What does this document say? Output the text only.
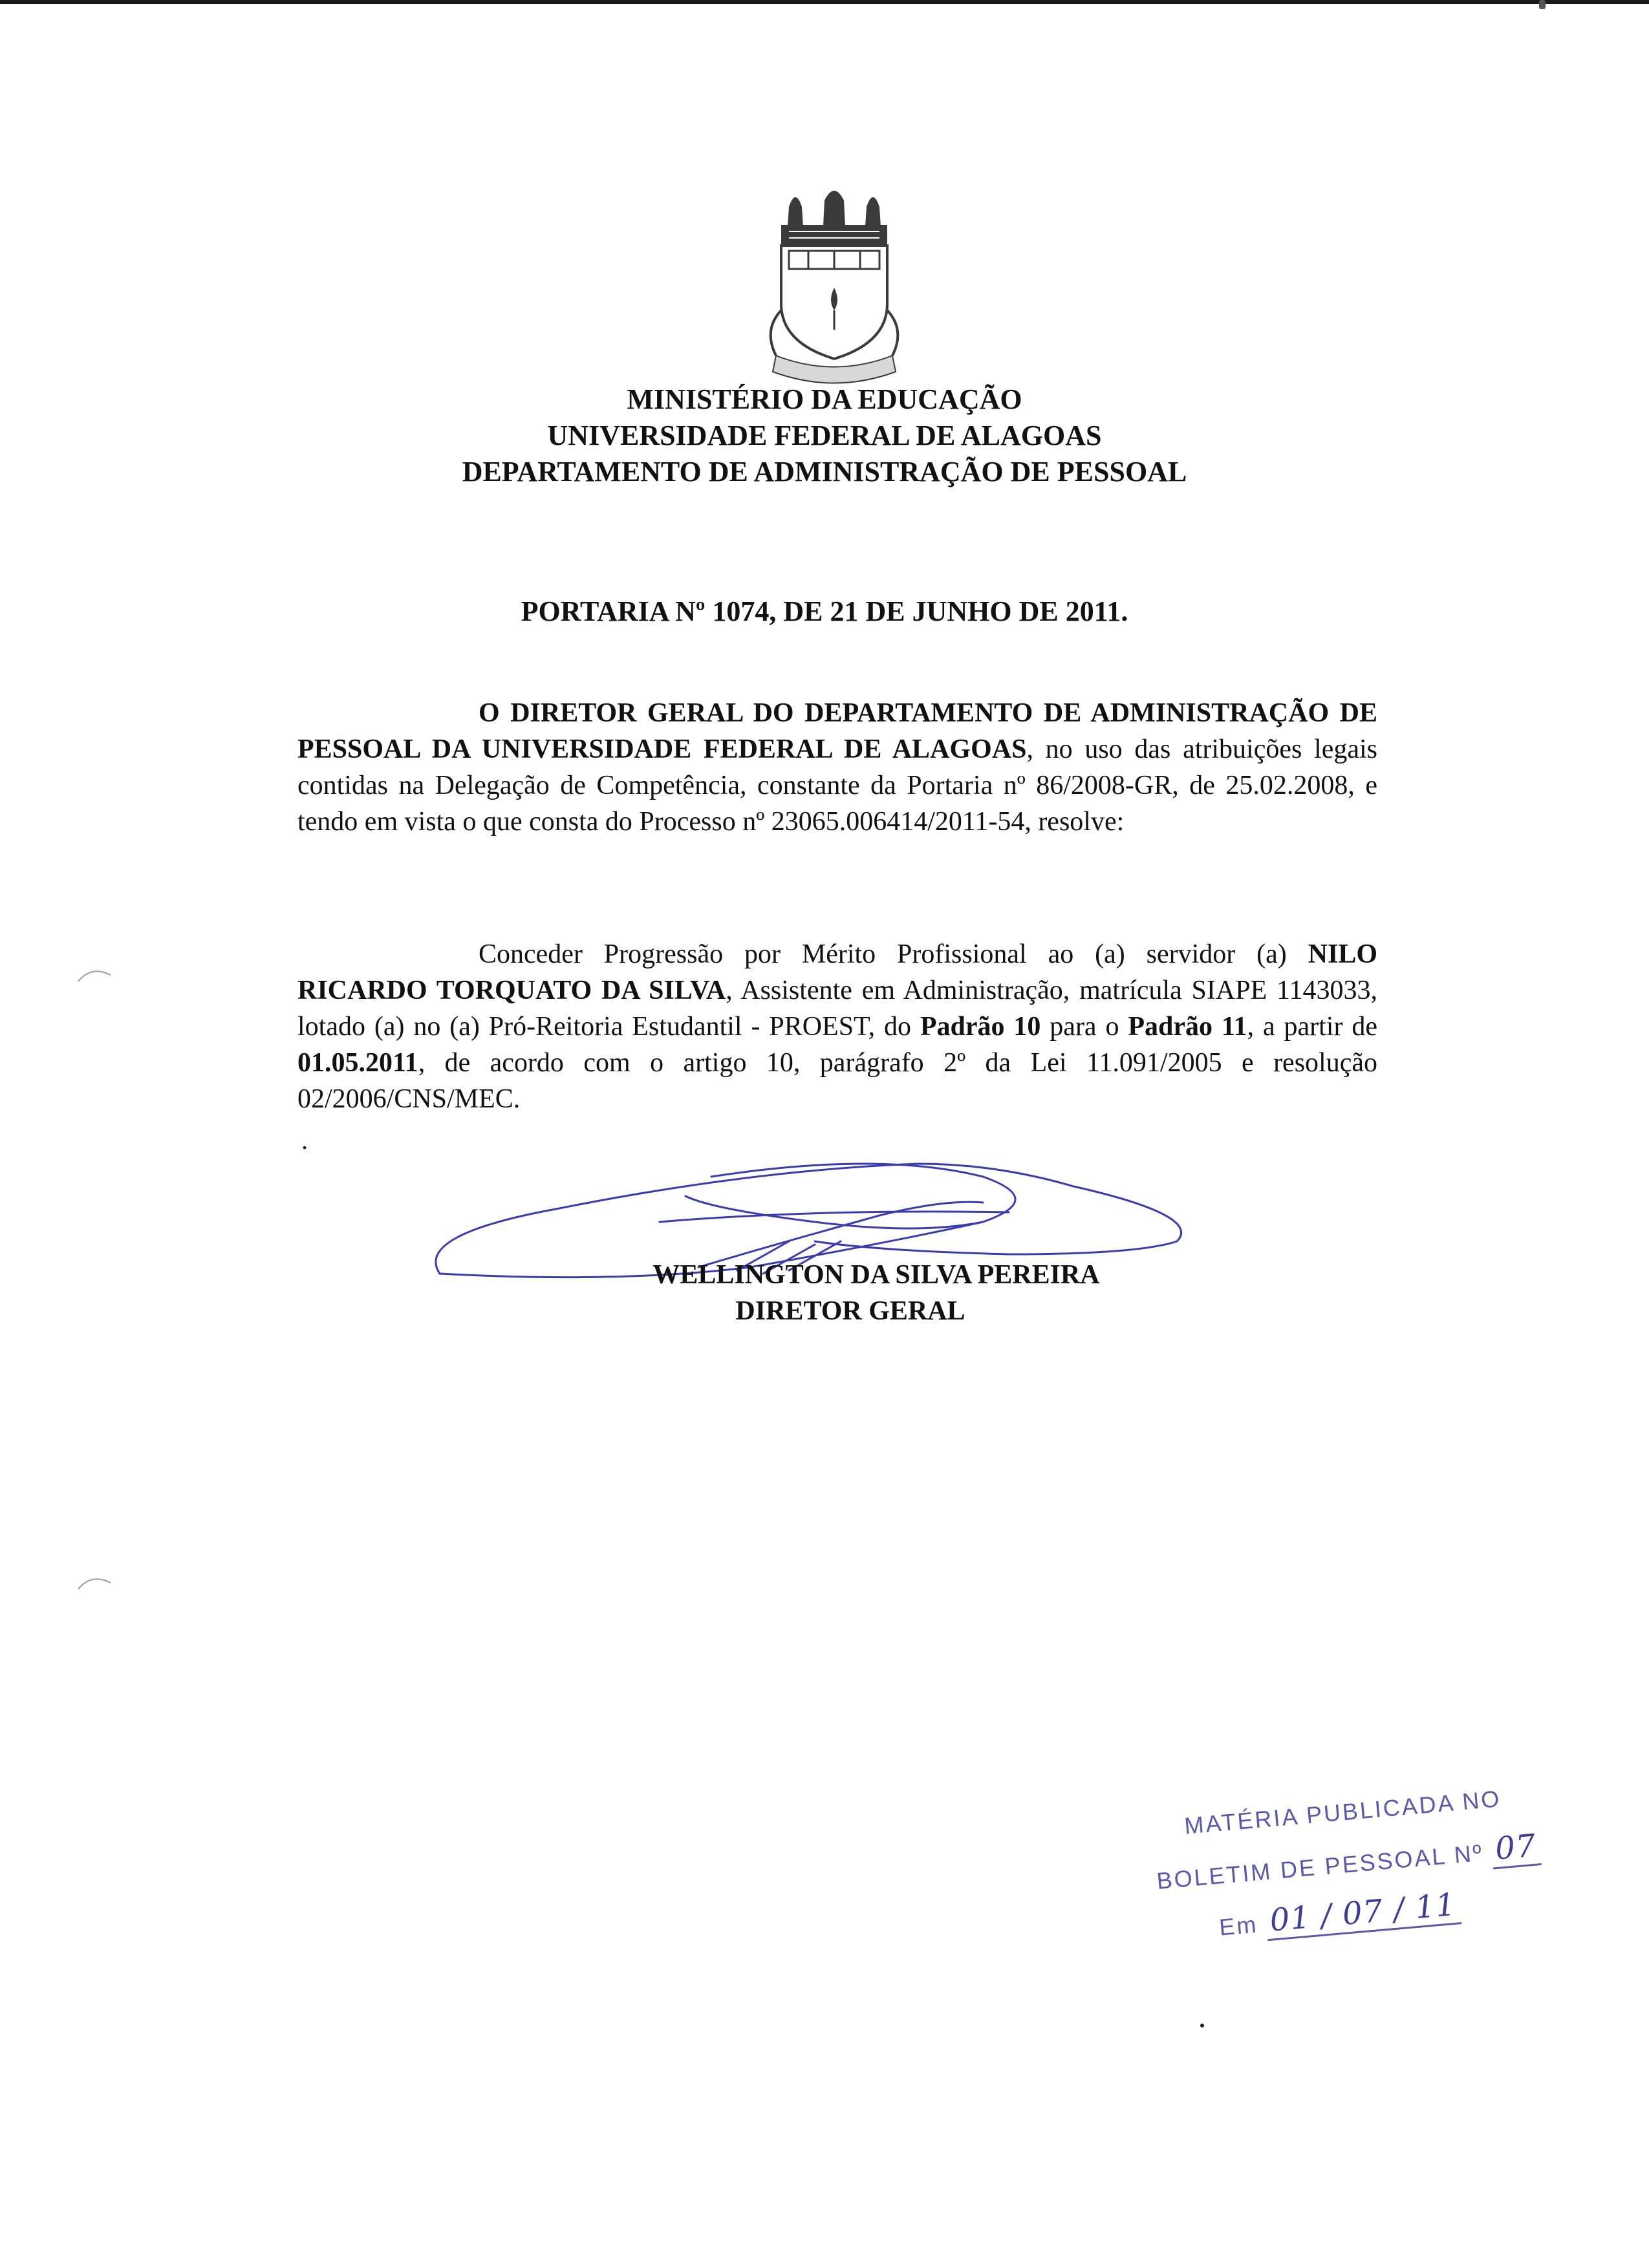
MINISTÉRIO DA EDUCAÇÃO
UNIVERSIDADE FEDERAL DE ALAGOAS
DEPARTAMENTO DE ADMINISTRAÇÃO DE PESSOAL
PORTARIA Nº 1074, DE 21 DE JUNHO DE 2011.
O DIRETOR GERAL DO DEPARTAMENTO DE ADMINISTRAÇÃO DE PESSOAL DA UNIVERSIDADE FEDERAL DE ALAGOAS, no uso das atribuições legais contidas na Delegação de Competência, constante da Portaria nº 86/2008-GR, de 25.02.2008, e tendo em vista o que consta do Processo nº 23065.006414/2011-54, resolve:
Conceder Progressão por Mérito Profissional ao (a) servidor (a) NILO RICARDO TORQUATO DA SILVA, Assistente em Administração, matrícula SIAPE 1143033, lotado (a) no (a) Pró-Reitoria Estudantil - PROEST, do Padrão 10 para o Padrão 11, a partir de 01.05.2011, de acordo com o artigo 10, parágrafo 2º da Lei 11.091/2005 e resolução 02/2006/CNS/MEC.
.
WELLINGTON DA SILVA PEREIRA
DIRETOR GERAL
MATÉRIA PUBLICADA NO
BOLETIM DE PESSOAL Nº 07
Em 01 / 07 / 11
